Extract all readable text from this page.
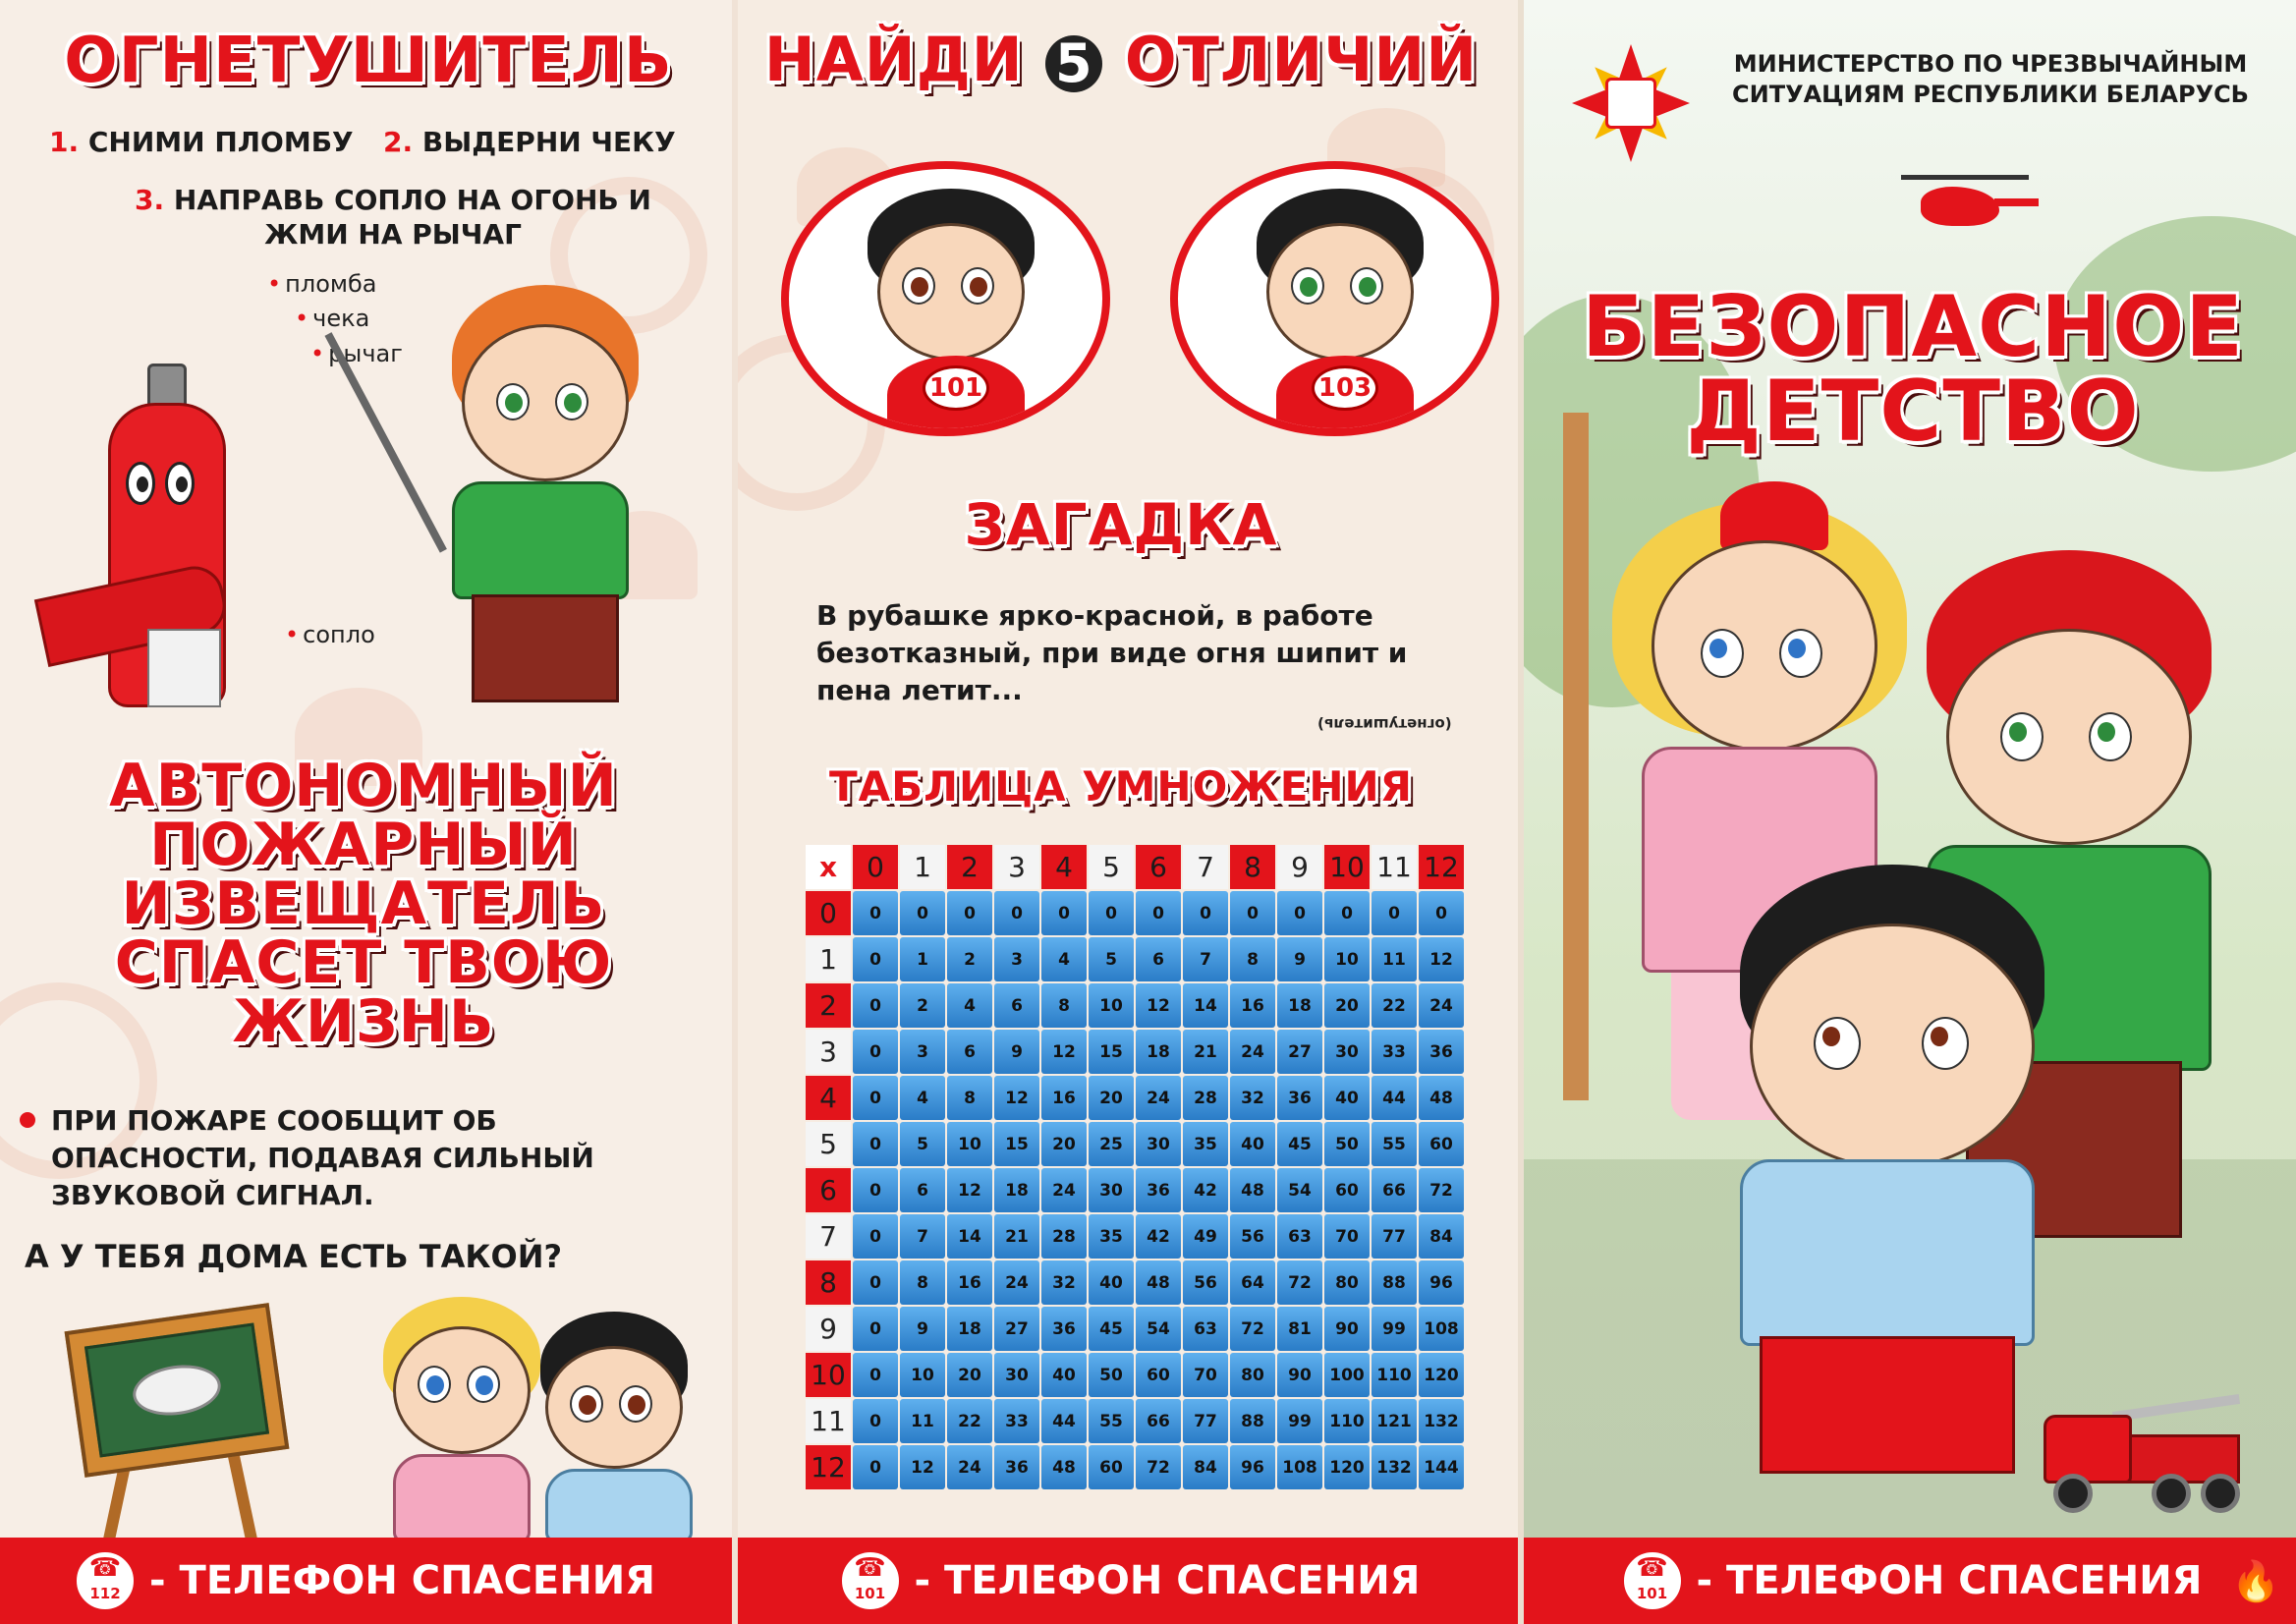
ОГНЕТУШИТЕЛЬ
1. СНИМИ ПЛОМБУ 2. ВЫДЕРНИ ЧЕКУ
3. НАПРАВЬ СОПЛО НА ОГОНЬ И ЖМИ НА РЫЧАГ
• пломба
• чека
• рычаг
• сопло
АВТОНОМНЫЙ ПОЖАРНЫЙ ИЗВЕЩАТЕЛЬ СПАСЕТ ТВОЮ ЖИЗНЬ

ПРИ ПОЖАРЕ СООБЩИТ ОБ ОПАСНОСТИ, ПОДАВАЯ СИЛЬНЫЙ ЗВУКОВОЙ СИГНАЛ.

А У ТЕБЯ ДОМА ЕСТЬ ТАКОЙ?

☎ 112 - ТЕЛЕФОН СПАСЕНИЯ
НАЙДИ 5 ОТЛИЧИЙ
101	103
ЗАГАДКА

В рубашке ярко-красной, в работе безотказный, при виде огня шипит и пена летит...

(огнетушитель)
ТАБЛИЦА УМНОЖЕНИЯ
x	0	1	2	3	4	5	6	7	8	9	10	11	12
0	0	0	0	0	0	0	0	0	0	0	0	0	0
1	0	1	2	3	4	5	6	7	8	9	10	11	12
2	0	2	4	6	8	10	12	14	16	18	20	22	24
3	0	3	6	9	12	15	18	21	24	27	30	33	36
4	0	4	8	12	16	20	24	28	32	36	40	44	48
5	0	5	10	15	20	25	30	35	40	45	50	55	60
6	0	6	12	18	24	30	36	42	48	54	60	66	72
7	0	7	14	21	28	35	42	49	56	63	70	77	84
8	0	8	16	24	32	40	48	56	64	72	80	88	96
9	0	9	18	27	36	45	54	63	72	81	90	99	108
10	0	10	20	30	40	50	60	70	80	90	100	110	120
11	0	11	22	33	44	55	66	77	88	99	110	121	132
12	0	12	24	36	48	60	72	84	96	108	120	132	144
☎ 101 - ТЕЛЕФОН СПАСЕНИЯ

МИНИСТЕРСТВО ПО ЧРЕЗВЫЧАЙНЫМ СИТУАЦИЯМ РЕСПУБЛИКИ БЕЛАРУСЬ

БЕЗОПАСНОЕ ДЕТСТВО
☎ 101 - ТЕЛЕФОН СПАСЕНИЯ 🔥
